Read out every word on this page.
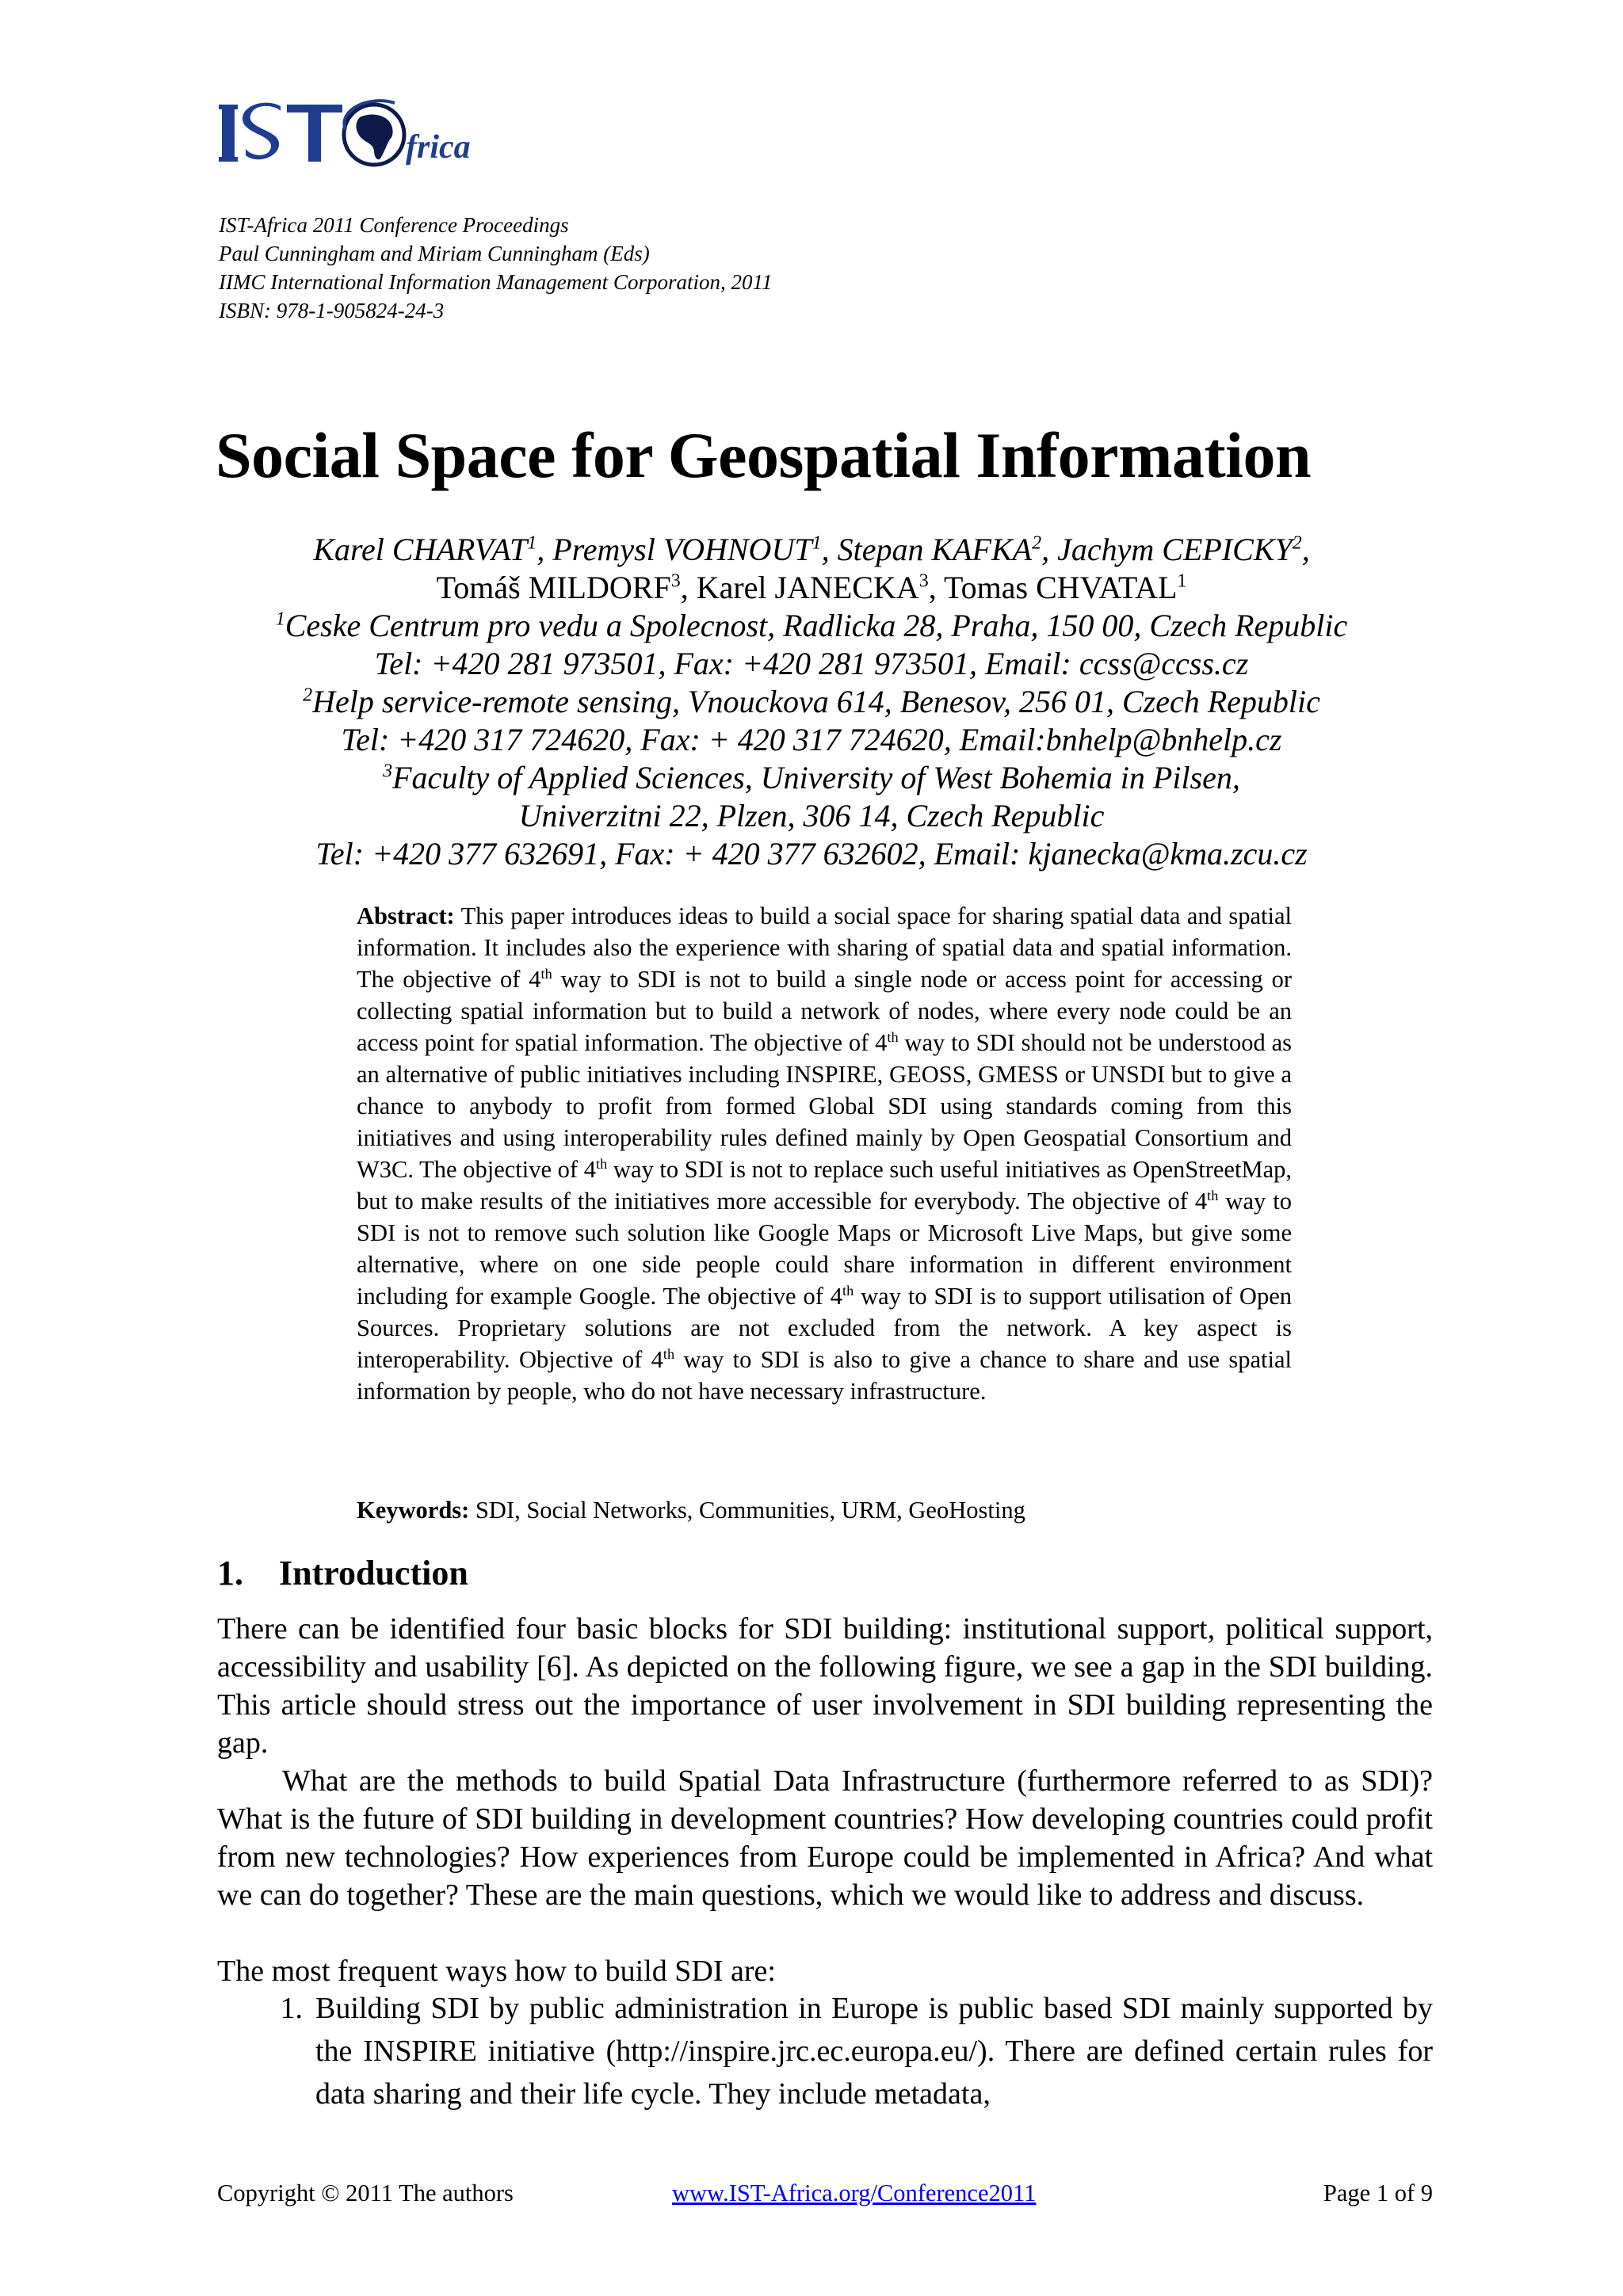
frica
IST-Africa 2011 Conference Proceedings
Paul Cunningham and Miriam Cunningham (Eds)
IIMC International Information Management Corporation, 2011
ISBN: 978-1-905824-24-3
Social Space for Geospatial Information
Karel CHARVAT$^1$, Premysl VOHNOUT$^1$, Stepan KAFKA$^2$, Jachym CEPICKY$^2$,
Tomáš MILDORF$^3$, Karel JANECKA$^3$, Tomas CHVATAL$^1$
$^1$Ceske Centrum pro vedu a Spolecnost, Radlicka 28, Praha, 150 00, Czech Republic
Tel: +420 281 973501, Fax: +420 281 973501, Email: ccss@ccss.cz
$^2$Help service-remote sensing, Vnouckova 614, Benesov, 256 01, Czech Republic
Tel: +420 317 724620, Fax: + 420 317 724620, Email:bnhelp@bnhelp.cz
$^3$Faculty of Applied Sciences, University of West Bohemia in Pilsen,
Univerzitni 22, Plzen, 306 14, Czech Republic
Tel: +420 377 632691, Fax: + 420 377 632602, Email: kjanecka@kma.zcu.cz
Abstract: This paper introduces ideas to build a social space for sharing spatial data and spatial information. It includes also the experience with sharing of spatial data and spatial information. The objective of 4th way to SDI is not to build a single node or access point for accessing or collecting spatial information but to build a network of nodes, where every node could be an access point for spatial information. The objective of 4th way to SDI should not be understood as an alternative of public initiatives including INSPIRE, GEOSS, GMESS or UNSDI but to give a chance to anybody to profit from formed Global SDI using standards coming from this initiatives and using interoperability rules defined mainly by Open Geospatial Consortium and W3C. The objective of 4th way to SDI is not to replace such useful initiatives as OpenStreetMap, but to make results of the initiatives more accessible for everybody. The objective of 4th way to SDI is not to remove such solution like Google Maps or Microsoft Live Maps, but give some alternative, where on one side people could share information in different environment including for example Google. The objective of 4th way to SDI is to support utilisation of Open Sources. Proprietary solutions are not excluded from the network. A key aspect is interoperability. Objective of 4th way to SDI is also to give a chance to share and use spatial information by people, who do not have necessary infrastructure.
Keywords: SDI, Social Networks, Communities, URM, GeoHosting
1. Introduction
There can be identified four basic blocks for SDI building: institutional support, political support, accessibility and usability [6]. As depicted on the following figure, we see a gap in the SDI building. This article should stress out the importance of user involvement in SDI building representing the gap.
What are the methods to build Spatial Data Infrastructure (furthermore referred to as SDI)? What is the future of SDI building in development countries? How developing countries could profit from new technologies? How experiences from Europe could be implemented in Africa? And what we can do together? These are the main questions, which we would like to address and discuss.
The most frequent ways how to build SDI are:
1. Building SDI by public administration in Europe is public based SDI mainly supported by the INSPIRE initiative (http://inspire.jrc.ec.europa.eu/). There are defined certain rules for data sharing and their life cycle. They include metadata,
Copyright © 2011 The authors	www.IST-Africa.org/Conference2011	Page 1 of 9
